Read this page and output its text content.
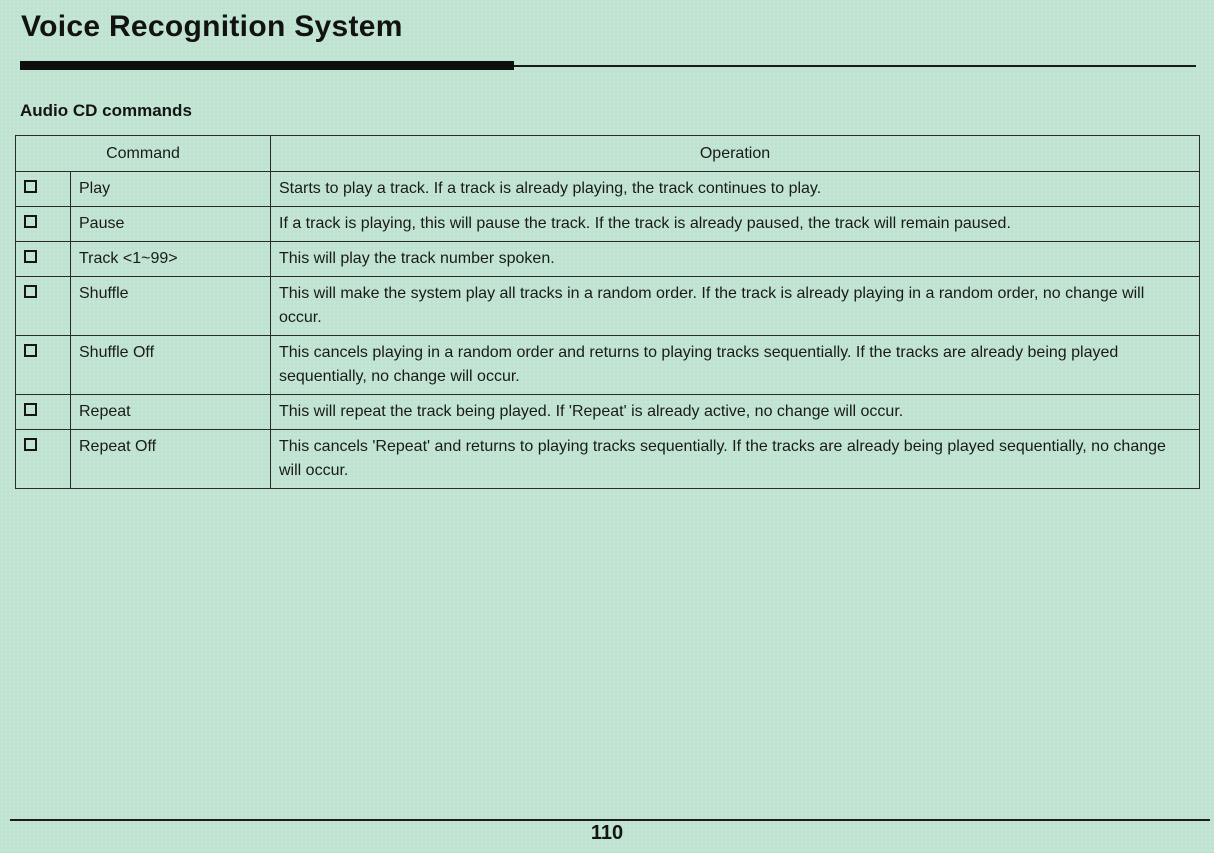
Voice Recognition System
Audio CD commands
Command		Operation
	Play	Starts to play a track. If a track is already playing, the track continues to play.
	Pause	If a track is playing, this will pause the track. If the track is already paused, the track will remain paused.
	Track <1~99>	This will play the track number spoken.
	Shuffle	This will make the system play all tracks in a random order. If the track is already playing in a random order, no change will occur.
	Shuffle Off	This cancels playing in a random order and returns to playing tracks sequentially. If the tracks are already being played sequentially, no change will occur.
	Repeat	This will repeat the track being played. If 'Repeat' is already active, no change will occur.
	Repeat Off	This cancels 'Repeat' and returns to playing tracks sequentially. If the tracks are already being played sequentially, no change will occur.
110
